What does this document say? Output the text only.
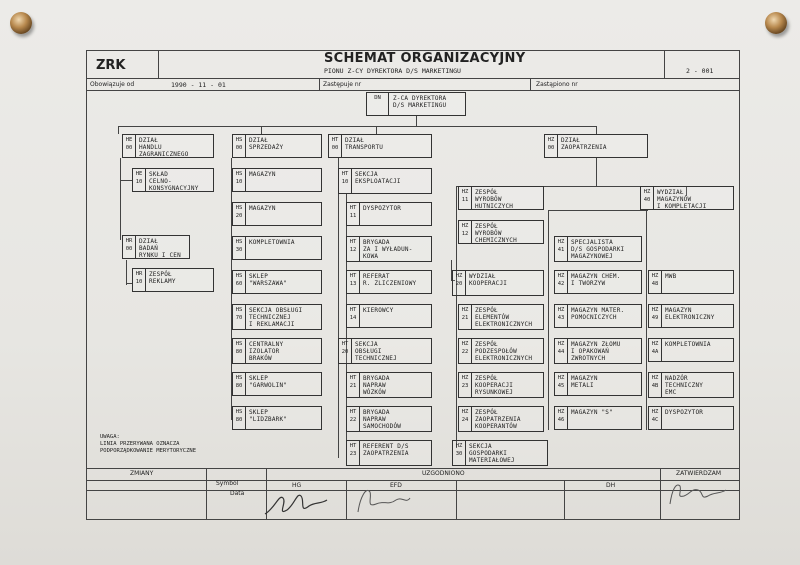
ZRK	SCHEMAT ORGANIZACYJNY
PIONU Z-CY DYREKTORA D/S MARKETINGU	2 - 001
Obowiązuje od	1990 - 11 - 01	Zastępuje nr	Zastąpiono nr
DN	Z-CA DYREKTORA
D/S MARKETINGU
HE
00
DZIAŁ
HANDLU
ZAGRANICZNEGO
HE
10
SKŁAD
CELNO-
KONSYGNACYJNY
HR
00
DZIAŁ
BADAŃ
RYNKU I CEN
HR
10
ZESPÓŁ
REKLAMY
HS
00
DZIAŁ
SPRZEDAŻY
HS
10
MAGAZYN
HS
20
MAGAZYN
HS
30
KOMPLETOWNIA
HS
60
SKLEP
"WARSZAWA"
HS
70
SEKCJA OBSŁUGI
TECHNICZNEJ
I REKLAMACJI
HS
80
CENTRALNY
IZOLATOR
BRAKÓW
HS
80
SKLEP
"GARWOLIN"
HS
80
SKLEP
"LIDZBARK"
HT
00
DZIAŁ
TRANSPORTU
HT
10
SEKCJA
EKSPLOATACJI
HT
11
DYSPOZYTOR
HT
12
BRYGADA
ZA I WYŁADUN-
KOWA
HT
13
REFERAT
R. ZLICZENIOWY
HT
14
KIEROWCY
HT
20
SEKCJA
OBSŁUGI
TECHNICZNEJ
HT
21
BRYGADA
NAPRAW
WÓZKÓW
HT
22
BRYGADA
NAPRAW
SAMOCHODÓW
HT
23
REFERENT D/S
ZAOPATRZENIA
HZ
00
DZIAŁ
ZAOPATRZENIA
HZ
11
ZESPÓŁ
WYROBÓW
HUTNICZYCH
HZ
12
ZESPÓŁ
WYROBÓW
CHEMICZNYCH
HZ
20
WYDZIAŁ
KOOPERACJI
HZ
21
ZESPÓŁ
ELEMENTÓW
ELEKTRONICZNYCH
HZ
22
ZESPÓŁ
PODZESPOŁÓW
ELEKTRONICZNYCH
HZ
23
ZESPÓŁ
KOOPERACJI
RYSUNKOWEJ
HZ
24
ZESPÓŁ
ZAOPATRZENIA
KOOPERANTÓW
HZ
30
SEKCJA
GOSPODARKI
MATERIAŁOWEJ
HZ
40
WYDZIAŁ
MAGAZYNÓW
I KOMPLETACJI
HZ
41
SPECJALISTA
D/S GOSPODARKI
MAGAZYNOWEJ
HZ
42
MAGAZYN CHEM.
I TWORZYW
HZ
43
MAGAZYN MATER.
POMOCNICZYCH
HZ
44
MAGAZYN ZŁOMU
I OPAKOWAŃ
ZWROTNYCH
HZ
45
MAGAZYN
METALI
HZ
46
MAGAZYN "S"
HZ
48
MWB
HZ
49
MAGAZYN
ELEKTRONICZNY
HZ
4A
KOMPLETOWNIA
HZ
4B
NADZÓR
TECHNICZNY
EMC
HZ
4C
DYSPOZYTOR
UWAGA:
LINIA PRZERYWANA OZNACZA
PODPORZĄDKOWANIE MERYTORYCZNE
ZMIANY
Symbol
Data
UZGODNIONO	ZATWIERDZAM
HG	EFD	DH
